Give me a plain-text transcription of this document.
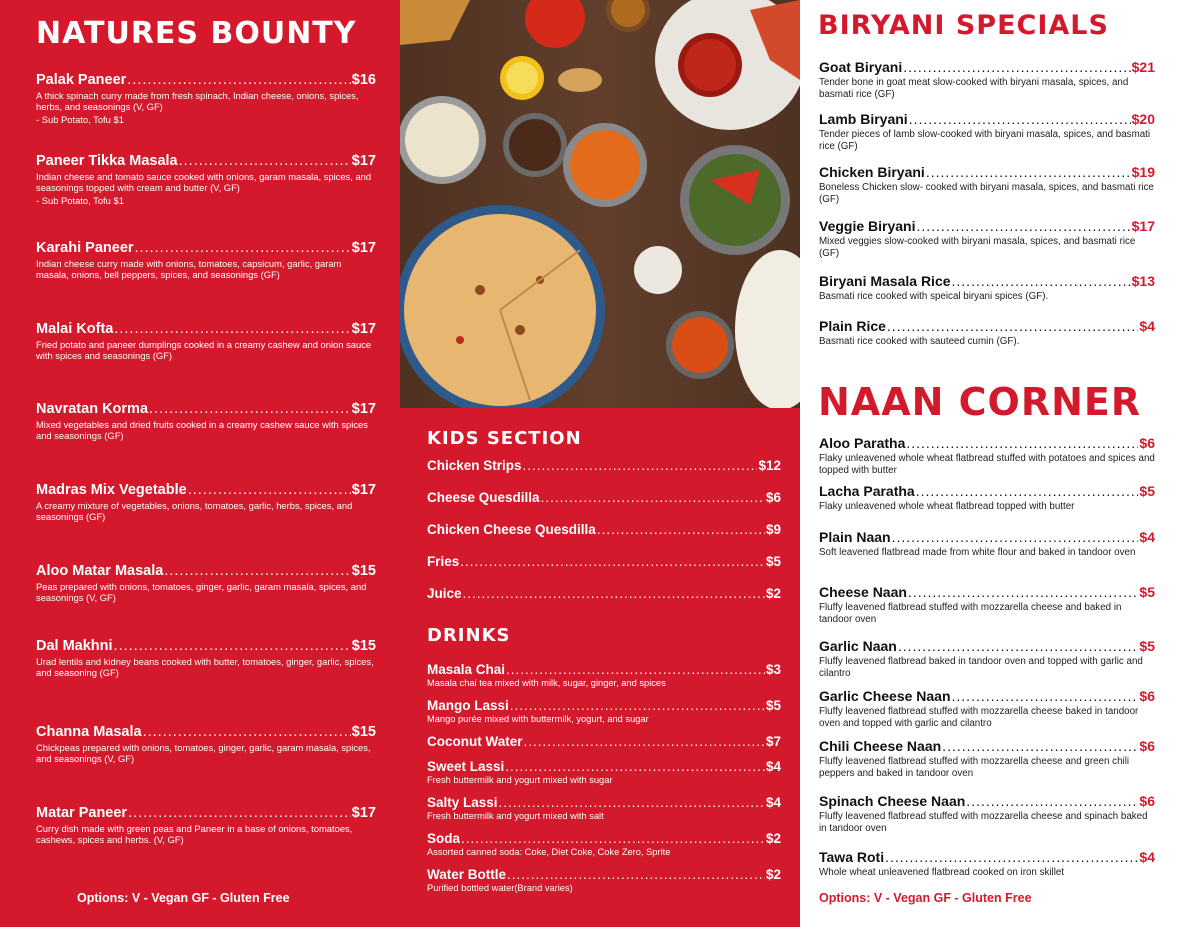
NATURES BOUNTY
Palak Paneer .....	$16
A thick spinach curry made from fresh spinach, Indian cheese, onions, spices, herbs, and seasonings (V, GF)
- Sub Potato, Tofu $1
Paneer Tikka Masala .....	$17
Indian cheese and tomato sauce cooked with onions, garam masala, spices, and seasonings topped with cream and butter (V, GF)
- Sub Potato, Tofu $1
Karahi Paneer .....	$17
Indian cheese curry made with onions, tomatoes, capsicum, garlic, garam masala, onions, bell peppers, spices, and seasonings (GF)
Malai Kofta .....	$17
Fried potato and paneer dumplings cooked in a creamy cashew and onion sauce with spices and seasonings (GF)
Navratan Korma .....	$17
Mixed vegetables and dried fruits cooked in a creamy cashew sauce with spices and seasonings (GF)
Madras Mix Vegetable .....	$17
A creamy mixture of vegetables, onions, tomatoes, garlic, herbs, spices, and seasonings (GF)
Aloo Matar Masala .....	$15
Peas prepared with onions, tomatoes, ginger, garlic, garam masala, spices, and seasonings (V, GF)
Dal Makhni .....	$15
Urad lentils and kidney beans cooked with butter, tomatoes, ginger, garlic, spices, and seasoning (GF)
Channa Masala .....	$15
Chickpeas prepared with onions, tomatoes, ginger, garlic, garam masala, spices, and seasonings (V, GF)
Matar Paneer .....	$17
Curry dish made with green peas and Paneer in a base of onions, tomatoes, cashews, spices and herbs. (V, GF)
Options: V - Vegan GF - Gluten Free
KIDS SECTION
Chicken Strips .....	$12
Cheese Quesdilla .....	$6
Chicken Cheese Quesdilla .....	$9
Fries .....	$5
Juice .....	$2
DRINKS
Masala Chai .....	$3
Masala chai tea mixed with milk, sugar, ginger, and spices
Mango Lassi .....	$5
Mango purée mixed with buttermilk, yogurt, and sugar
Coconut Water .....	$7
Sweet Lassi .....	$4
Fresh buttermilk and yogurt mixed with sugar
Salty Lassi .....	$4
Fresh buttermilk and yogurt mixed with salt
Soda .....	$2
Assorted canned soda: Coke, Diet Coke, Coke Zero, Sprite
Water Bottle .....	$2
Purified bottled water(Brand varies)
BIRYANI SPECIALS
Goat Biryani .....	$21
Tender bone in goat meat slow-cooked with biryani masala, spices, and basmati rice (GF)
Lamb Biryani .....	$20
Tender pieces of lamb slow-cooked with biryani masala, spices, and basmati rice (GF)
Chicken Biryani .....	$19
Boneless Chicken slow- cooked with biryani masala, spices, and basmati rice (GF)
Veggie Biryani .....	$17
Mixed veggies slow-cooked with biryani masala, spices, and basmati rice (GF)
Biryani Masala Rice .....	$13
Basmati rice cooked with speical biryani spices (GF).
Plain Rice .....	$4
Basmati rice cooked with sauteed cumin (GF).
NAAN CORNER
Aloo Paratha .....	$6
Flaky unleavened whole wheat flatbread stuffed with potatoes and spices and topped with butter
Lacha Paratha .....	$5
Flaky unleavened whole wheat flatbread topped with butter
Plain Naan .....	$4
Soft leavened flatbread made from white flour and baked in tandoor oven
Cheese Naan .....	$5
Fluffy leavened flatbread stuffed with mozzarella cheese and baked in tandoor oven
Garlic Naan .....	$5
Fluffy leavened flatbread baked in tandoor oven and topped with garlic and cilantro
Garlic Cheese Naan .....	$6
Fluffy leavened flatbread stuffed with mozzarella cheese baked in tandoor oven and topped with garlic and cilantro
Chili Cheese Naan .....	$6
Fluffy leavened flatbread stuffed with mozzarella cheese and green chili peppers and baked in tandoor oven
Spinach Cheese Naan .....	$6
Fluffy leavened flatbread stuffed with mozzarella cheese and spinach baked in tandoor oven
Tawa Roti .....	$4
Whole wheat unleavened flatbread cooked on iron skillet
Options: V - Vegan GF - Gluten Free
